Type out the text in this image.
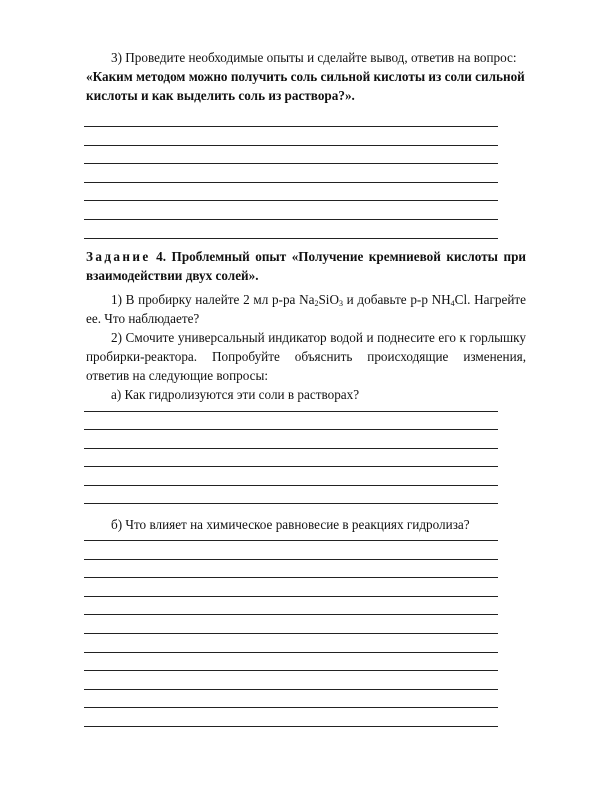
3) Проведите необходимые опыты и сделайте вывод, ответив на вопрос:

«Каким методом можно получить соль сильной кислоты из соли сильной

кислоты и как выделить соль из раствора?».

Задание 4. Проблемный опыт «Получение кремниевой кислоты при взаимодействии двух солей».

1) В пробирку налейте 2 мл р-ра $Na_2SiO_3$ и добавьте р-р $NH_4Cl$. Нагрейте ее. Что наблюдаете?

2) Смочите универсальный индикатор водой и поднесите его к горлышку пробирки-реактора. Попробуйте объяснить происходящие изменения, ответив на следующие вопросы:

а) Как гидролизуются эти соли в растворах?

б) Что влияет на химическое равновесие в реакциях гидролиза?
